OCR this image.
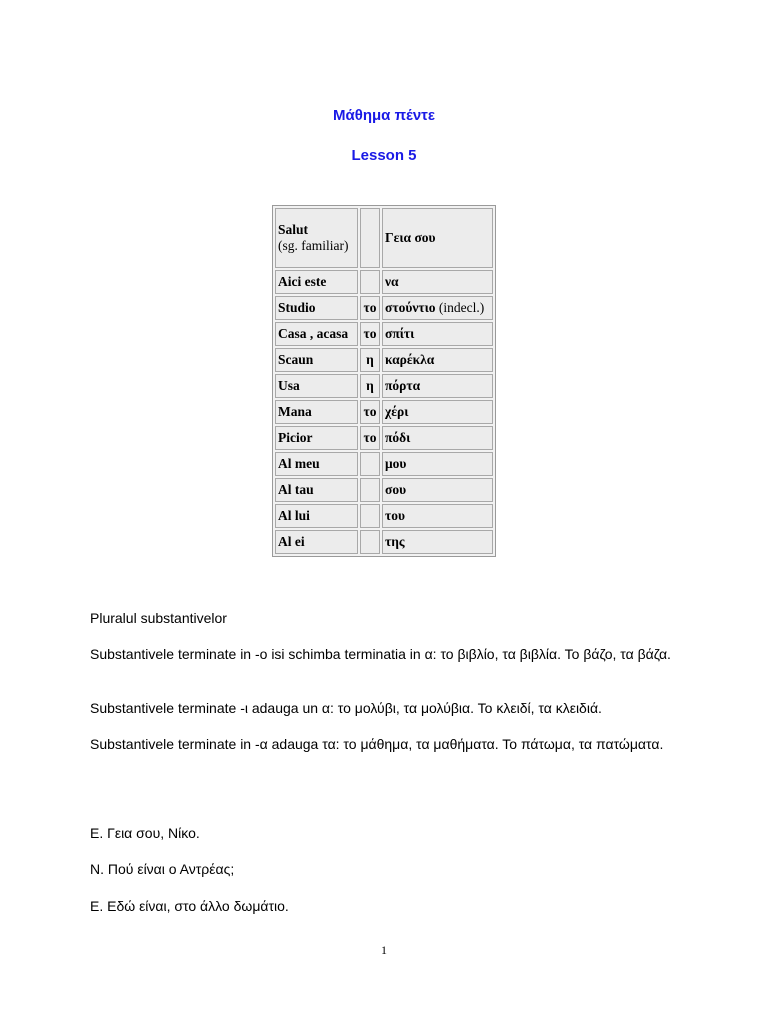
Μάθημα πέντε
Lesson 5
Salut
(sg. familiar)		Γεια σου
Aici este		να
Studio	το	στούντιο (indecl.)
Casa , acasa	το	σπίτι
Scaun	η	καρέκλα
Usa	η	πόρτα
Mana	το	χέρι
Picior	το	πόδι
Al meu		μου
Al tau		σου
Al lui		του
Al ei		της
Pluralul substantivelor
Substantivele terminate in -o isi schimba terminatia in α: το βιβλίο, τα βιβλία. Το βάζο, τα βάζα.
Substantivele terminate -ι adauga un α: το μολύβι, τα μολύβια. Το κλειδί, τα κλειδιά.
Substantivele terminate in -α adauga τα: το μάθημα, τα μαθήματα. Το πάτωμα, τα πατώματα.
Ε. Γεια σου, Νίκο.
Ν. Πού είναι ο Αντρέας;
Ε. Εδώ είναι, στο άλλο δωμάτιο.
1
